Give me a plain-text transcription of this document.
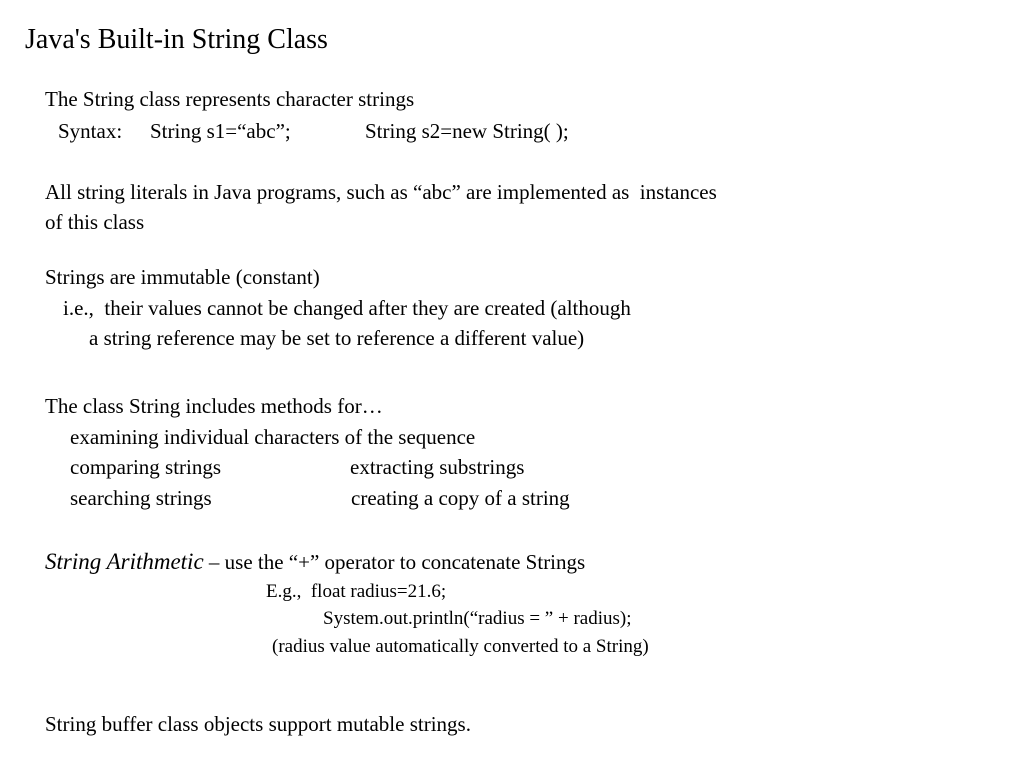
Java's Built-in String Class
The String class represents character strings
Syntax: String s1=“abc”;	String s2=new String( );
All string literals in Java programs, such as “abc” are implemented as  instances
of this class
Strings are immutable (constant)
i.e.,  their values cannot be changed after they are created (although
a string reference may be set to reference a different value)
The class String includes methods for…
examining individual characters of the sequence
comparing strings	extracting substrings
searching strings	creating a copy of a string
String Arithmetic – use the “+” operator to concatenate Strings
E.g.,  float radius=21.6;
System.out.println(“radius = ” + radius);
(radius value automatically converted to a String)
String buffer class objects support mutable strings.
